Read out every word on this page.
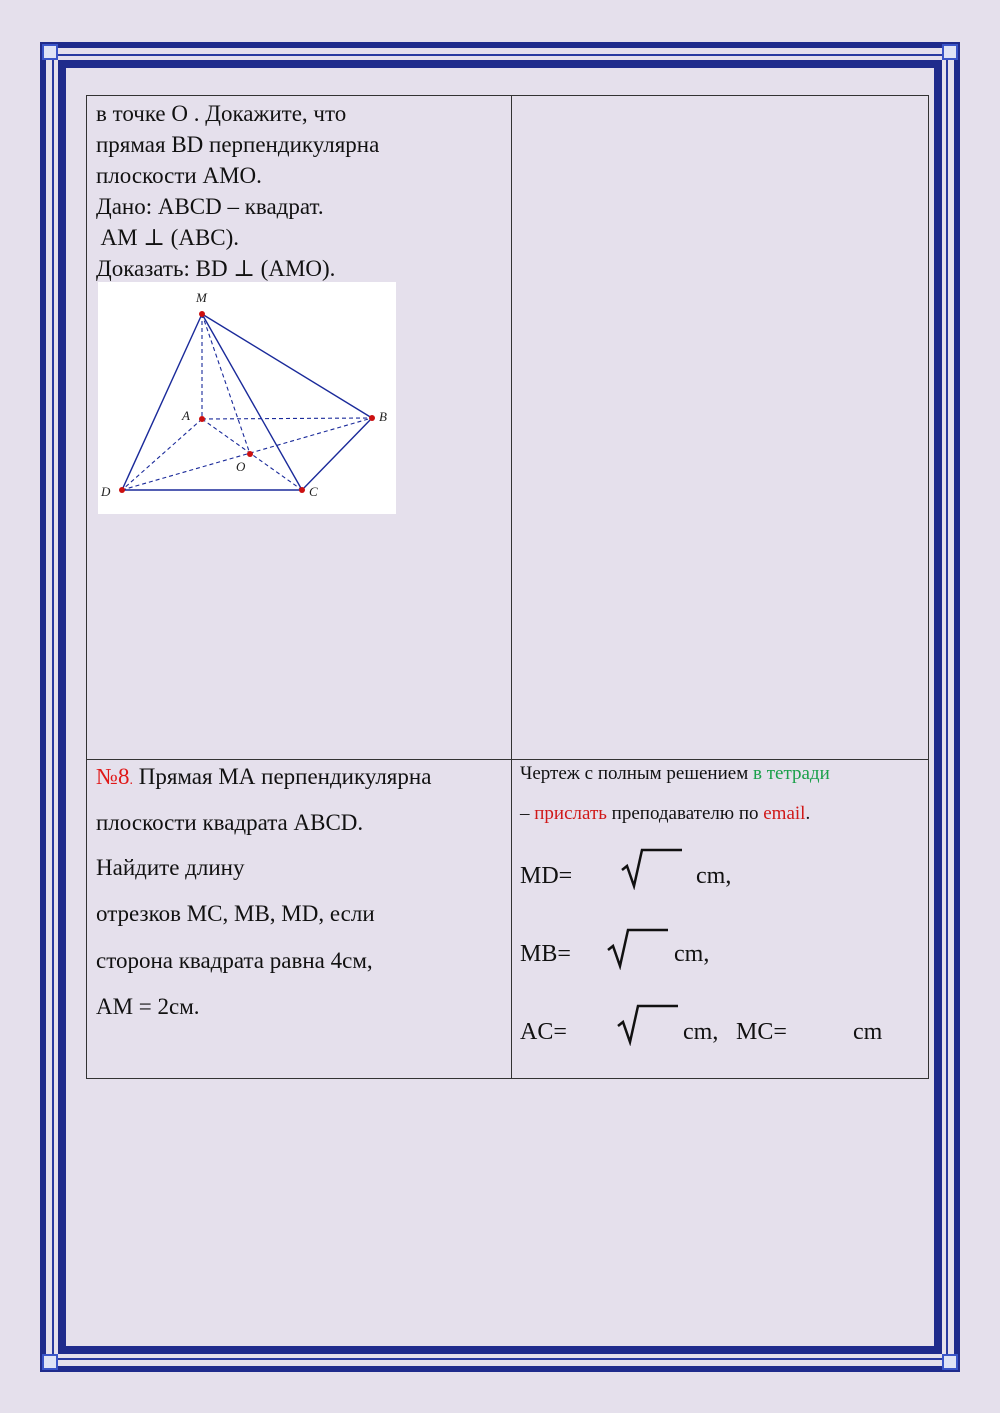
в точке О . Докажите, что
прямая BD перпендикулярна
плоскости AMO.
Дано: ABCD – квадрат.
AM ⊥ (ABC).
Доказать: BD ⊥ (AMO).
M
A	B
O
D	C
№8. Прямая МА перпендикулярна
плоскости квадрата ABCD.
Найдите длину
отрезков МС, MB, MD, если
сторона квадрата равна 4см,
АМ = 2см.
Чертеж с полным решением в тетради
– прислать преподавателю по email.
MD=	cm,
MB=	cm,
AC=	cm, MC=	cm
